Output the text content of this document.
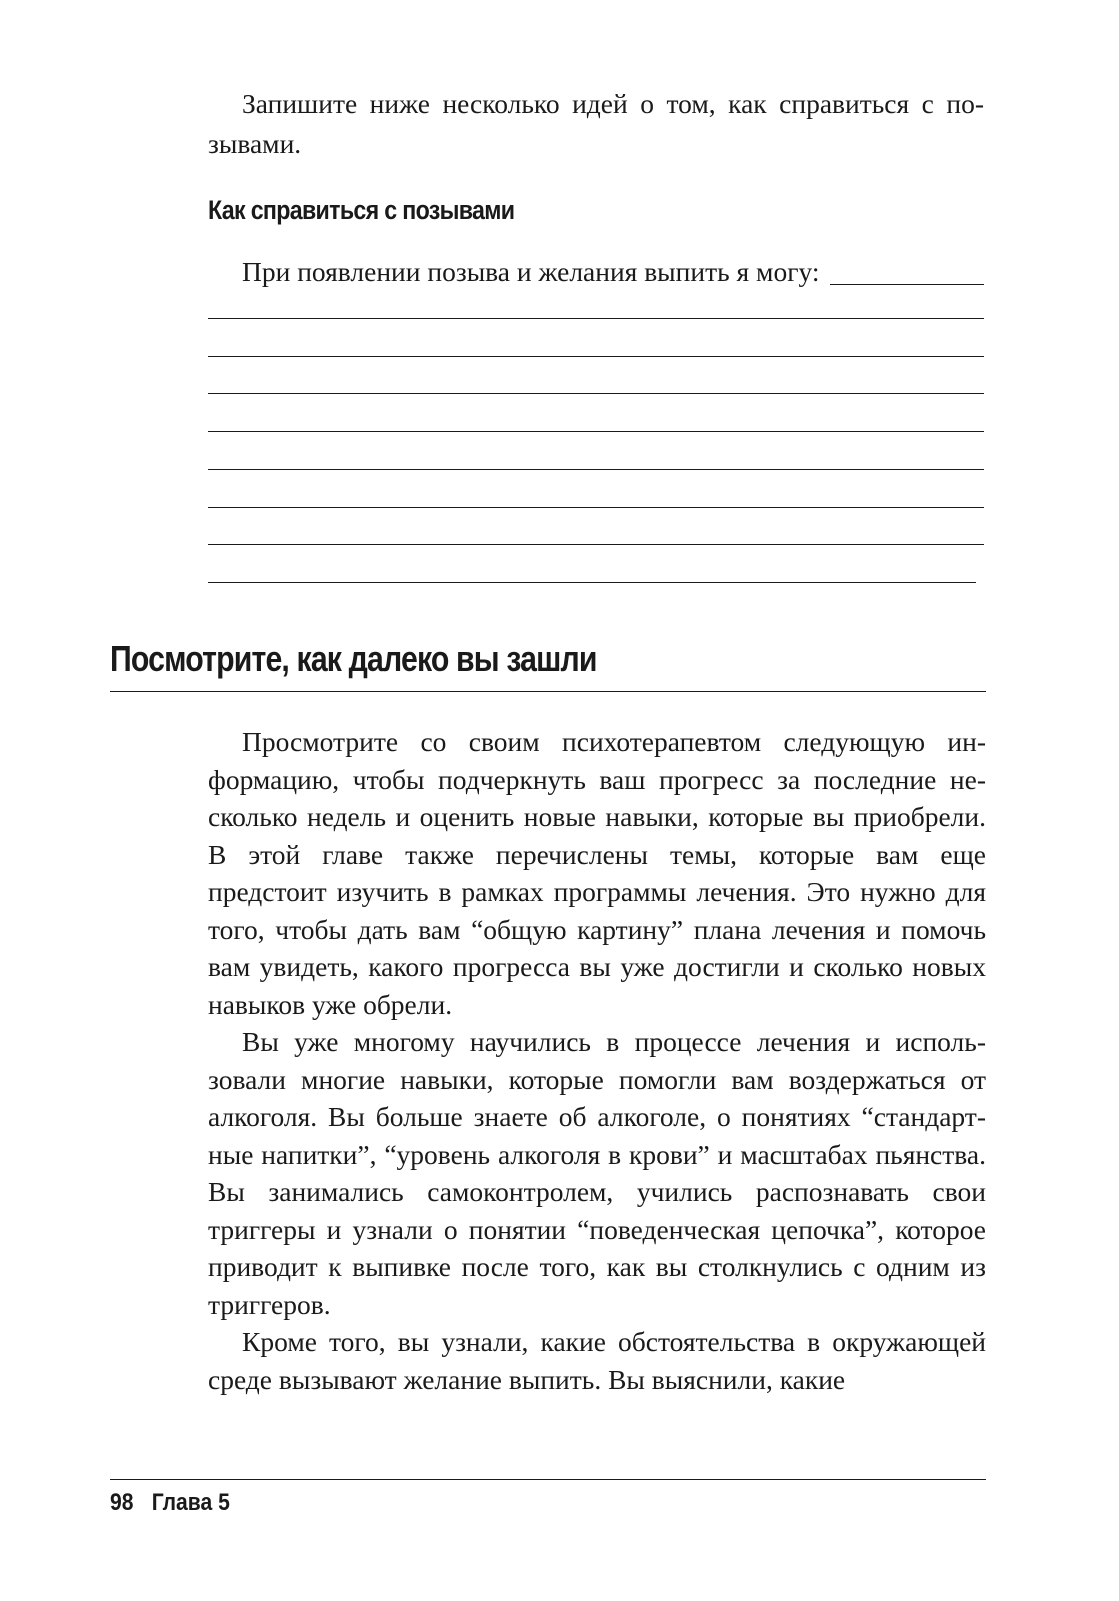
Запишите ниже несколько идей о том, как справиться с позывами.

Как справиться с позывами
При появлении позыва и желания выпить я могу:
Посмотрите, как далеко вы зашли

Просмотрите со своим психотерапевтом следующую информацию, чтобы подчеркнуть ваш прогресс за последние несколько недель и оценить новые навыки, которые вы приобрели. В этой главе также перечислены темы, которые вам еще предстоит изучить в рамках программы лечения. Это нужно для того, чтобы дать вам “общую картину” плана лечения и помочь вам увидеть, какого прогресса вы уже достигли и сколько новых навыков уже обрели.

Вы уже многому научились в процессе лечения и использовали многие навыки, которые помогли вам воздержаться от алкоголя. Вы больше знаете об алкоголе, о понятиях “стандартные напитки”, “уровень алкоголя в крови” и масштабах пьянства. Вы занимались самоконтролем, учились распознавать свои триггеры и узнали о понятии “поведенческая цепочка”, которое приводит к выпивке после того, как вы столкнулись с одним из триггеров.

Кроме того, вы узнали, какие обстоятельства в окружающей среде вызывают желание выпить. Вы выяснили, какие

98 Глава 5
